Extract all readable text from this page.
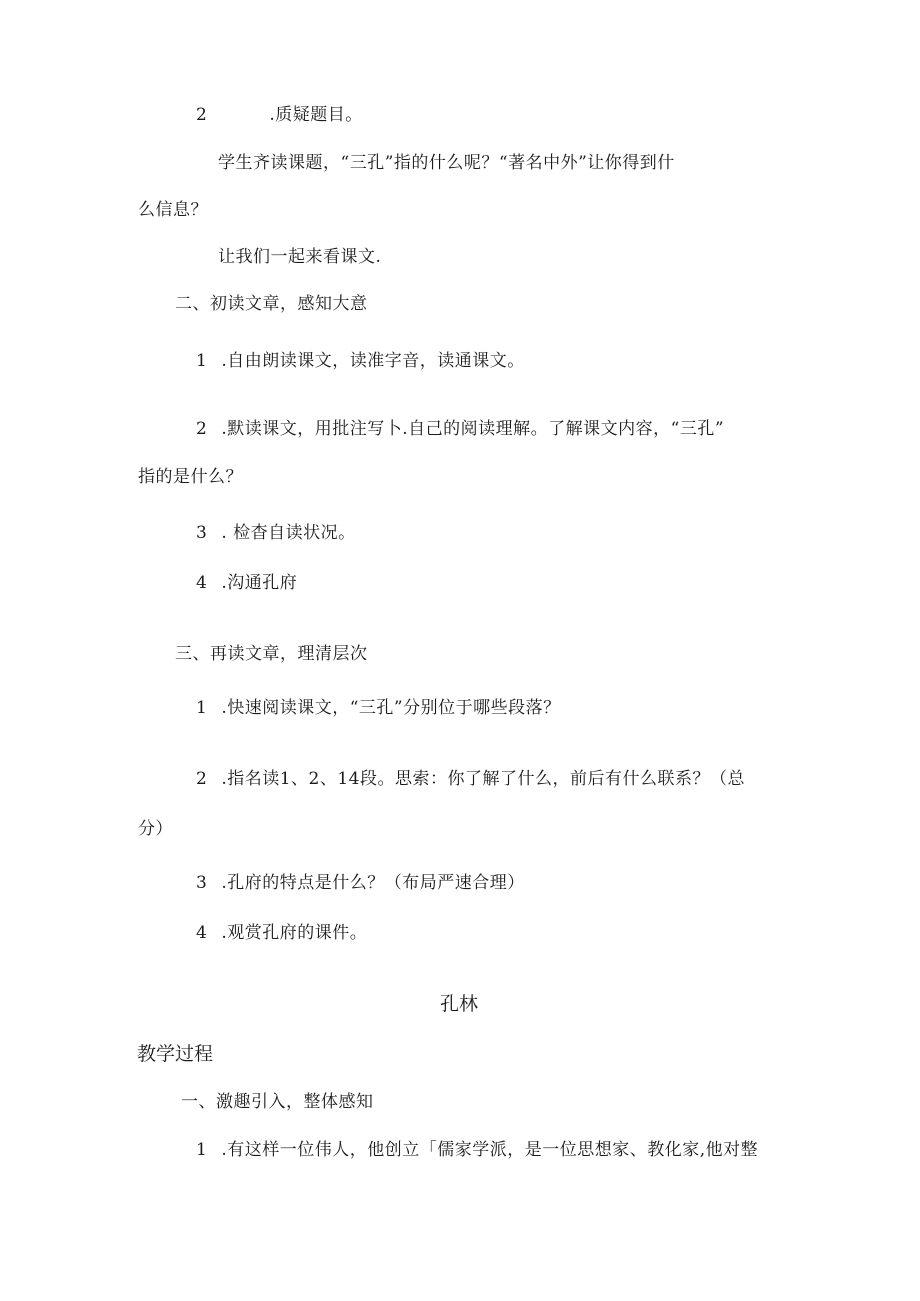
2	.质疑题目。
学生齐读课题，“三孔”指的什么呢？“著名中外”让你得到什
么信息？
让我们一起来看课文.
二、初读文章，感知大意
1 .自由朗读课文，读准字音，读通课文。
2 .默读课文，用批注写卜.自己的阅读理解。了解课文内容，“三孔”
指的是什么？
3 . 检杳自读状况。
4 .沟通孔府
三、再读文章，理清层次
1 .快速阅读课文，“三孔”分别位于哪些段落？
2 .指名读1、2、14段。思索：你了解了什么，前后有什么联系？（总
分）
3 .孔府的特点是什么？（布局严速合理）
4 .观赏孔府的课件。
孔林
教学过程
一、激趣引入，整体感知
1 .有这样一位伟人，他创立「儒家学派，是一位思想家、教化家,他对整
